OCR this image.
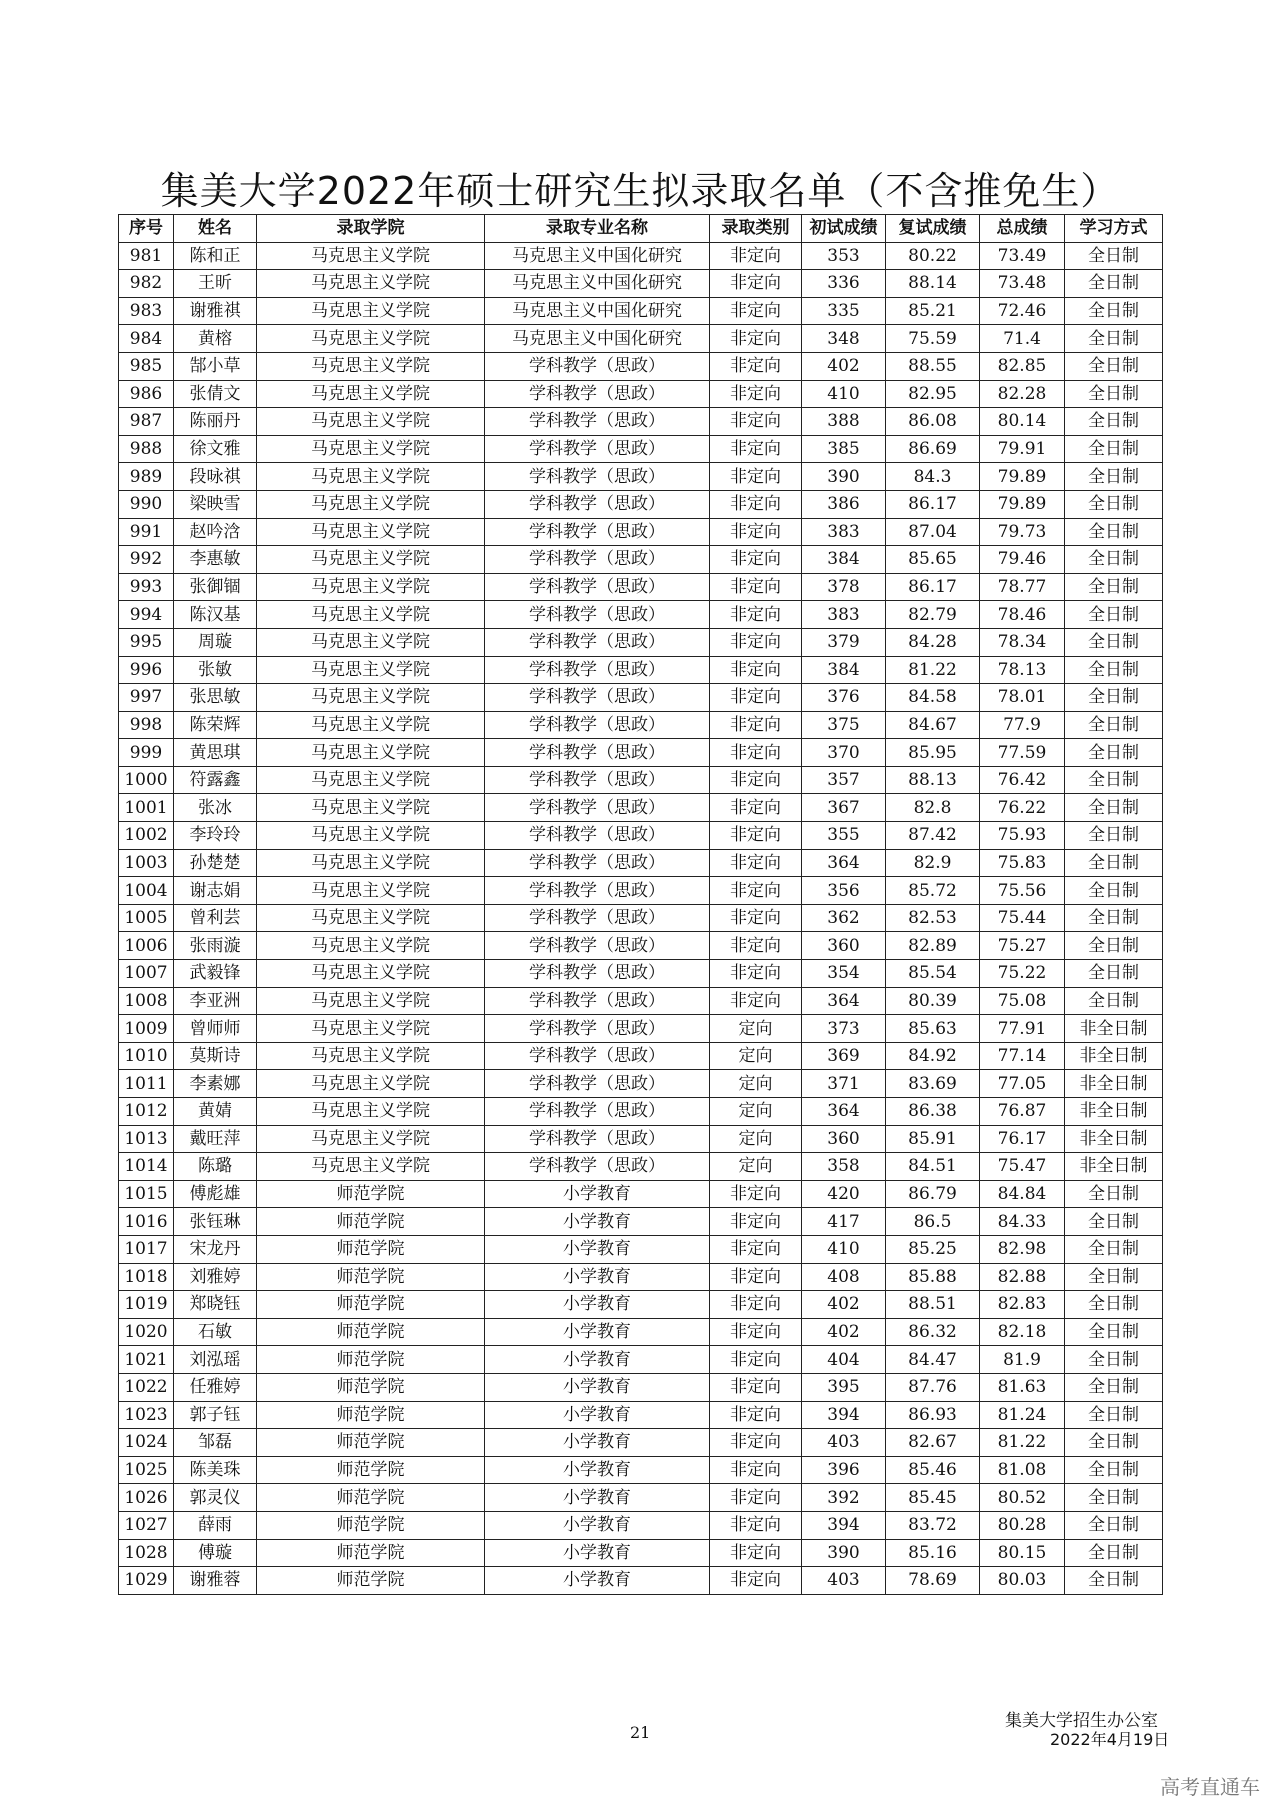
集美大学2022年硕士研究生拟录取名单（不含推免生）
序号	姓名	录取学院	录取专业名称	录取类别	初试成绩	复试成绩	总成绩	学习方式
981	陈和正	马克思主义学院	马克思主义中国化研究	非定向	353	80.22	73.49	全日制
982	王昕	马克思主义学院	马克思主义中国化研究	非定向	336	88.14	73.48	全日制
983	谢雅祺	马克思主义学院	马克思主义中国化研究	非定向	335	85.21	72.46	全日制
984	黄榕	马克思主义学院	马克思主义中国化研究	非定向	348	75.59	71.4	全日制
985	郜小草	马克思主义学院	学科教学（思政）	非定向	402	88.55	82.85	全日制
986	张倩文	马克思主义学院	学科教学（思政）	非定向	410	82.95	82.28	全日制
987	陈丽丹	马克思主义学院	学科教学（思政）	非定向	388	86.08	80.14	全日制
988	徐文雅	马克思主义学院	学科教学（思政）	非定向	385	86.69	79.91	全日制
989	段咏祺	马克思主义学院	学科教学（思政）	非定向	390	84.3	79.89	全日制
990	梁映雪	马克思主义学院	学科教学（思政）	非定向	386	86.17	79.89	全日制
991	赵吟浛	马克思主义学院	学科教学（思政）	非定向	383	87.04	79.73	全日制
992	李惠敏	马克思主义学院	学科教学（思政）	非定向	384	85.65	79.46	全日制
993	张御锢	马克思主义学院	学科教学（思政）	非定向	378	86.17	78.77	全日制
994	陈汉基	马克思主义学院	学科教学（思政）	非定向	383	82.79	78.46	全日制
995	周璇	马克思主义学院	学科教学（思政）	非定向	379	84.28	78.34	全日制
996	张敏	马克思主义学院	学科教学（思政）	非定向	384	81.22	78.13	全日制
997	张思敏	马克思主义学院	学科教学（思政）	非定向	376	84.58	78.01	全日制
998	陈荣辉	马克思主义学院	学科教学（思政）	非定向	375	84.67	77.9	全日制
999	黄思琪	马克思主义学院	学科教学（思政）	非定向	370	85.95	77.59	全日制
1000	符露鑫	马克思主义学院	学科教学（思政）	非定向	357	88.13	76.42	全日制
1001	张冰	马克思主义学院	学科教学（思政）	非定向	367	82.8	76.22	全日制
1002	李玲玲	马克思主义学院	学科教学（思政）	非定向	355	87.42	75.93	全日制
1003	孙楚楚	马克思主义学院	学科教学（思政）	非定向	364	82.9	75.83	全日制
1004	谢志娟	马克思主义学院	学科教学（思政）	非定向	356	85.72	75.56	全日制
1005	曾利芸	马克思主义学院	学科教学（思政）	非定向	362	82.53	75.44	全日制
1006	张雨漩	马克思主义学院	学科教学（思政）	非定向	360	82.89	75.27	全日制
1007	武毅锋	马克思主义学院	学科教学（思政）	非定向	354	85.54	75.22	全日制
1008	李亚洲	马克思主义学院	学科教学（思政）	非定向	364	80.39	75.08	全日制
1009	曾师师	马克思主义学院	学科教学（思政）	定向	373	85.63	77.91	非全日制
1010	莫斯诗	马克思主义学院	学科教学（思政）	定向	369	84.92	77.14	非全日制
1011	李素娜	马克思主义学院	学科教学（思政）	定向	371	83.69	77.05	非全日制
1012	黄婧	马克思主义学院	学科教学（思政）	定向	364	86.38	76.87	非全日制
1013	戴旺萍	马克思主义学院	学科教学（思政）	定向	360	85.91	76.17	非全日制
1014	陈璐	马克思主义学院	学科教学（思政）	定向	358	84.51	75.47	非全日制
1015	傅彪雄	师范学院	小学教育	非定向	420	86.79	84.84	全日制
1016	张钰琳	师范学院	小学教育	非定向	417	86.5	84.33	全日制
1017	宋龙丹	师范学院	小学教育	非定向	410	85.25	82.98	全日制
1018	刘雅婷	师范学院	小学教育	非定向	408	85.88	82.88	全日制
1019	郑晓钰	师范学院	小学教育	非定向	402	88.51	82.83	全日制
1020	石敏	师范学院	小学教育	非定向	402	86.32	82.18	全日制
1021	刘泓瑶	师范学院	小学教育	非定向	404	84.47	81.9	全日制
1022	任雅婷	师范学院	小学教育	非定向	395	87.76	81.63	全日制
1023	郭子钰	师范学院	小学教育	非定向	394	86.93	81.24	全日制
1024	邹磊	师范学院	小学教育	非定向	403	82.67	81.22	全日制
1025	陈美珠	师范学院	小学教育	非定向	396	85.46	81.08	全日制
1026	郭灵仪	师范学院	小学教育	非定向	392	85.45	80.52	全日制
1027	薛雨	师范学院	小学教育	非定向	394	83.72	80.28	全日制
1028	傅璇	师范学院	小学教育	非定向	390	85.16	80.15	全日制
1029	谢雅蓉	师范学院	小学教育	非定向	403	78.69	80.03	全日制
21
集美大学招生办公室
2022年4月19日
高考直通车
